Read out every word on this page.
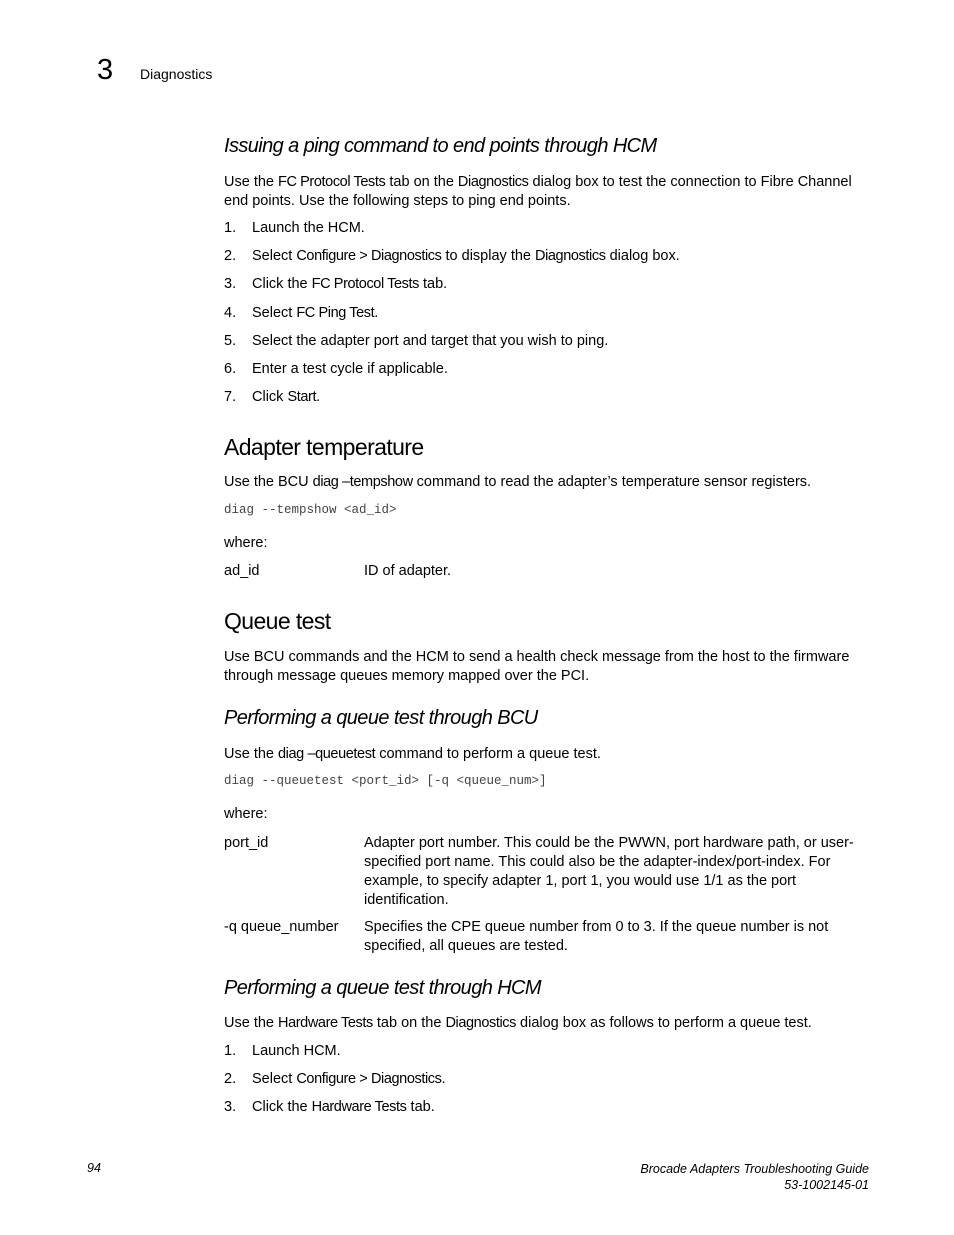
3 Diagnostics
Issuing a ping command to end points through HCM
Use the FC Protocol Tests tab on the Diagnostics dialog box to test the connection to Fibre Channel end points. Use the following steps to ping end points.
1. Launch the HCM.
2. Select Configure > Diagnostics to display the Diagnostics dialog box.
3. Click the FC Protocol Tests tab.
4. Select FC Ping Test.
5. Select the adapter port and target that you wish to ping.
6. Enter a test cycle if applicable.
7. Click Start.
Adapter temperature
Use the BCU diag –tempshow command to read the adapter’s temperature sensor registers.
diag --tempshow <ad_id>
where:
ad_id	ID of adapter.
Queue test
Use BCU commands and the HCM to send a health check message from the host to the firmware through message queues memory mapped over the PCI.
Performing a queue test through BCU
Use the diag –queuetest command to perform a queue test.
diag --queuetest <port_id> [-q <queue_num>]
where:
port_id	Adapter port number. This could be the PWWN, port hardware path, or user-specified port name. This could also be the adapter-index/port-index. For example, to specify adapter 1, port 1, you would use 1/1 as the port identification.
-q queue_number Specifies the CPE queue number from 0 to 3. If the queue number is not specified, all queues are tested.
Performing a queue test through HCM
Use the Hardware Tests tab on the Diagnostics dialog box as follows to perform a queue test.
1. Launch HCM.
2. Select Configure > Diagnostics.
3. Click the Hardware Tests tab.
94	Brocade Adapters Troubleshooting Guide
53-1002145-01
